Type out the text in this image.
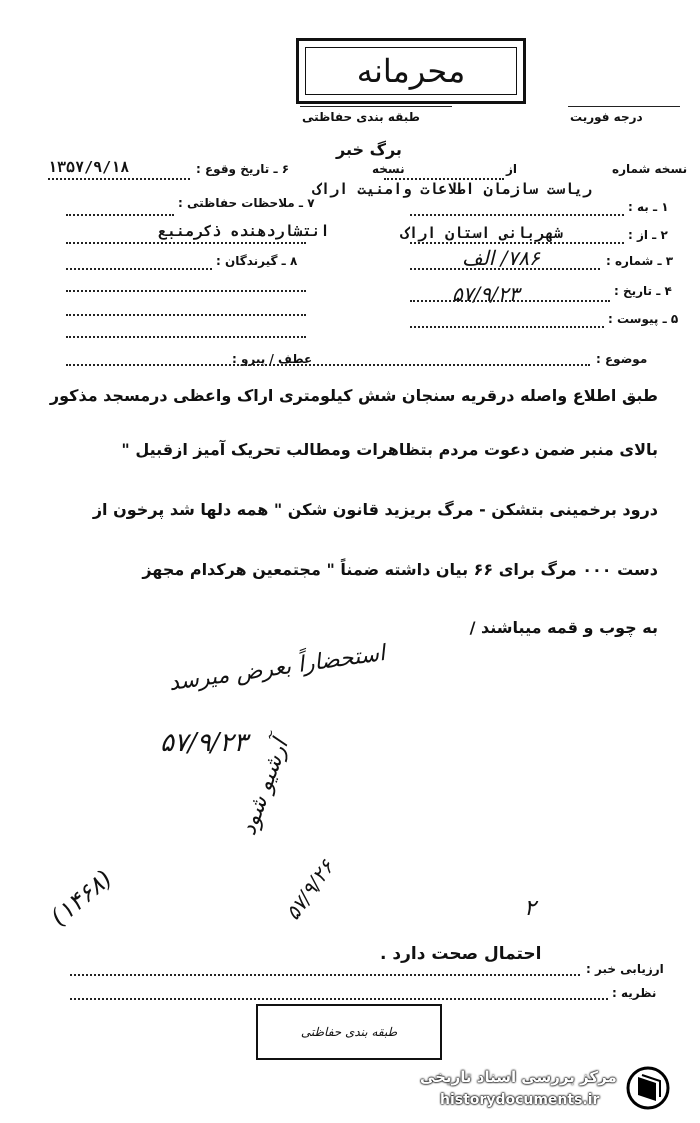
محرمانه
طبقه بندی حفاظتی	درجه فوریت
برگ خبر
نسخه شماره
از
نسخه
۶ ـ تاریخ وقوع :
۱۳۵۷/۹/۱۸
۱ ـ به :
ریاست سازمان اطلاعات وامنیت اراک
۲ ـ از :
شهربانی استان اراک
۳ ـ شماره :
۷۸۶/ الف
۴ ـ تاریخ :
۵۷/۹/۲۳
۵ ـ پیوست :
۷ ـ ملاحظات حفاظتی :
انتشاردهنده ذکرمنبع
۸ ـ گیرندگان :
موضوع :
عطف / پیرو :
طبق اطلاع واصله درقریه سنجان شش کیلومتری اراک واعظی درمسجد مذکور
بالای منبر ضمن دعوت مردم بتظاهرات ومطالب تحریک آمیز ازقبیل "
درود برخمینی بتشکن - مرگ بریزید قانون شکن " همه دلها شد پرخون از
دست ۰۰۰ مرگ برای ۶۶ بیان داشته ضمناً " مجتمعین هرکدام مجهز
به چوب و قمه میباشند /
استحضاراً بعرض میرسد
۵۷/۹/۲۳
آرشیو شود
۵۷/۹/۲۶
(۱۴۶۸)	۲
ارزیابی خبر :
احتمال صحت دارد .
نظریه :
طبقه بندی حفاظتی
مرکز بررسی اسناد تاریخی
historydocuments.ir
